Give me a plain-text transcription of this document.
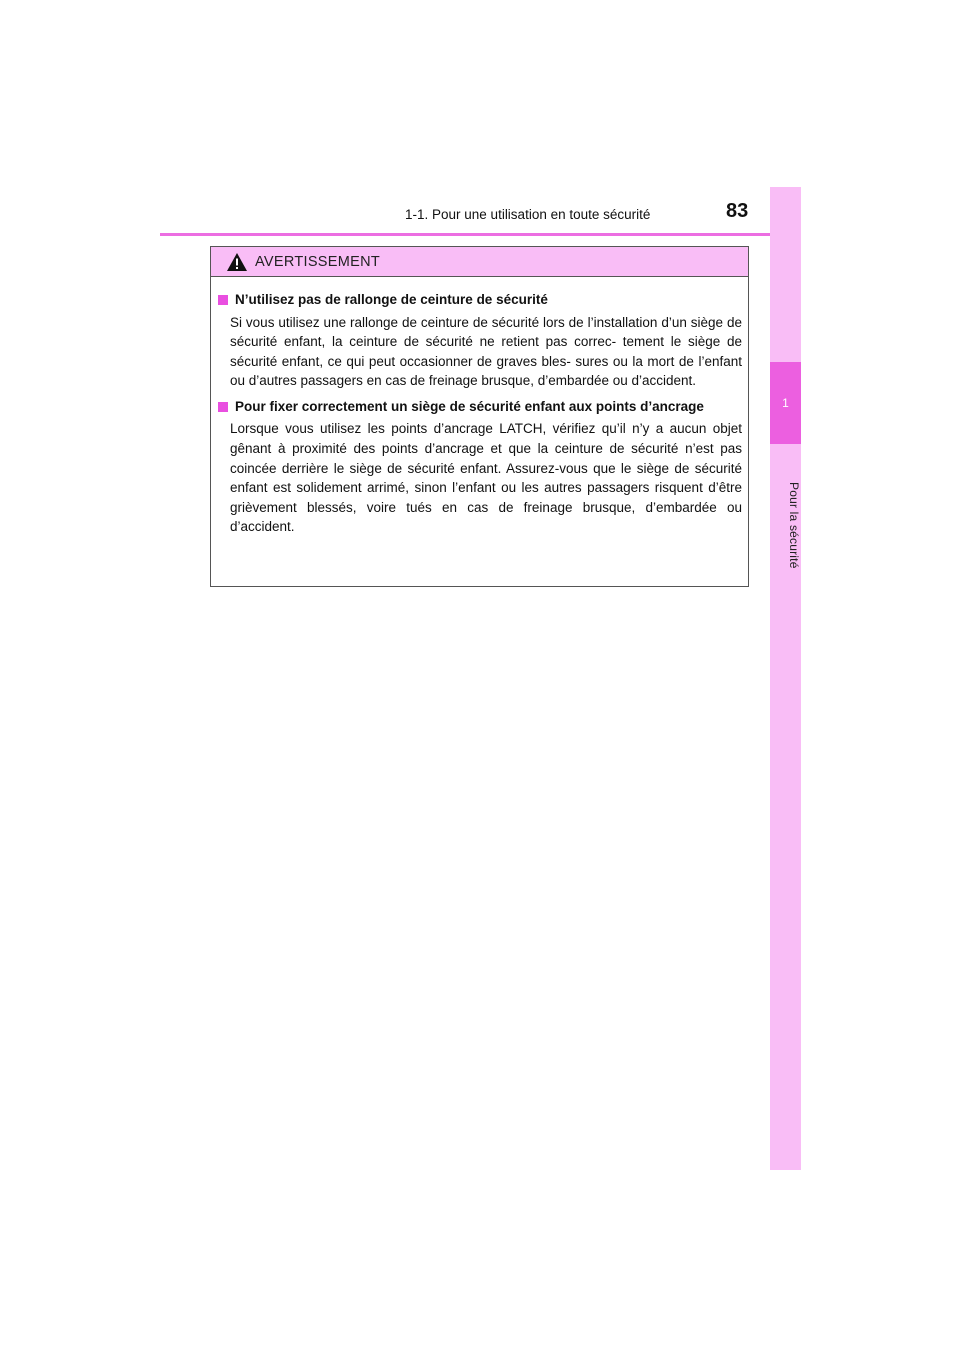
1-1. Pour une utilisation en toute sécurité	83
1
Pour la sécurité
AVERTISSEMENT
N’utilisez pas de rallonge de ceinture de sécurité
Si vous utilisez une rallonge de ceinture de sécurité lors de l’installation d’un siège de sécurité enfant, la ceinture de sécurité ne retient pas correc- tement le siège de sécurité enfant, ce qui peut occasionner de graves bles- sures ou la mort de l’enfant ou d’autres passagers en cas de freinage brusque, d’embardée ou d’accident.
Pour fixer correctement un siège de sécurité enfant aux points d’ancrage
Lorsque vous utilisez les points d’ancrage LATCH, vérifiez qu’il n’y a aucun objet gênant à proximité des points d’ancrage et que la ceinture de sécurité n’est pas coincée derrière le siège de sécurité enfant. Assurez-vous que le siège de sécurité enfant est solidement arrimé, sinon l’enfant ou les autres passagers risquent d’être grièvement blessés, voire tués en cas de freinage brusque, d’embardée ou d’accident.
